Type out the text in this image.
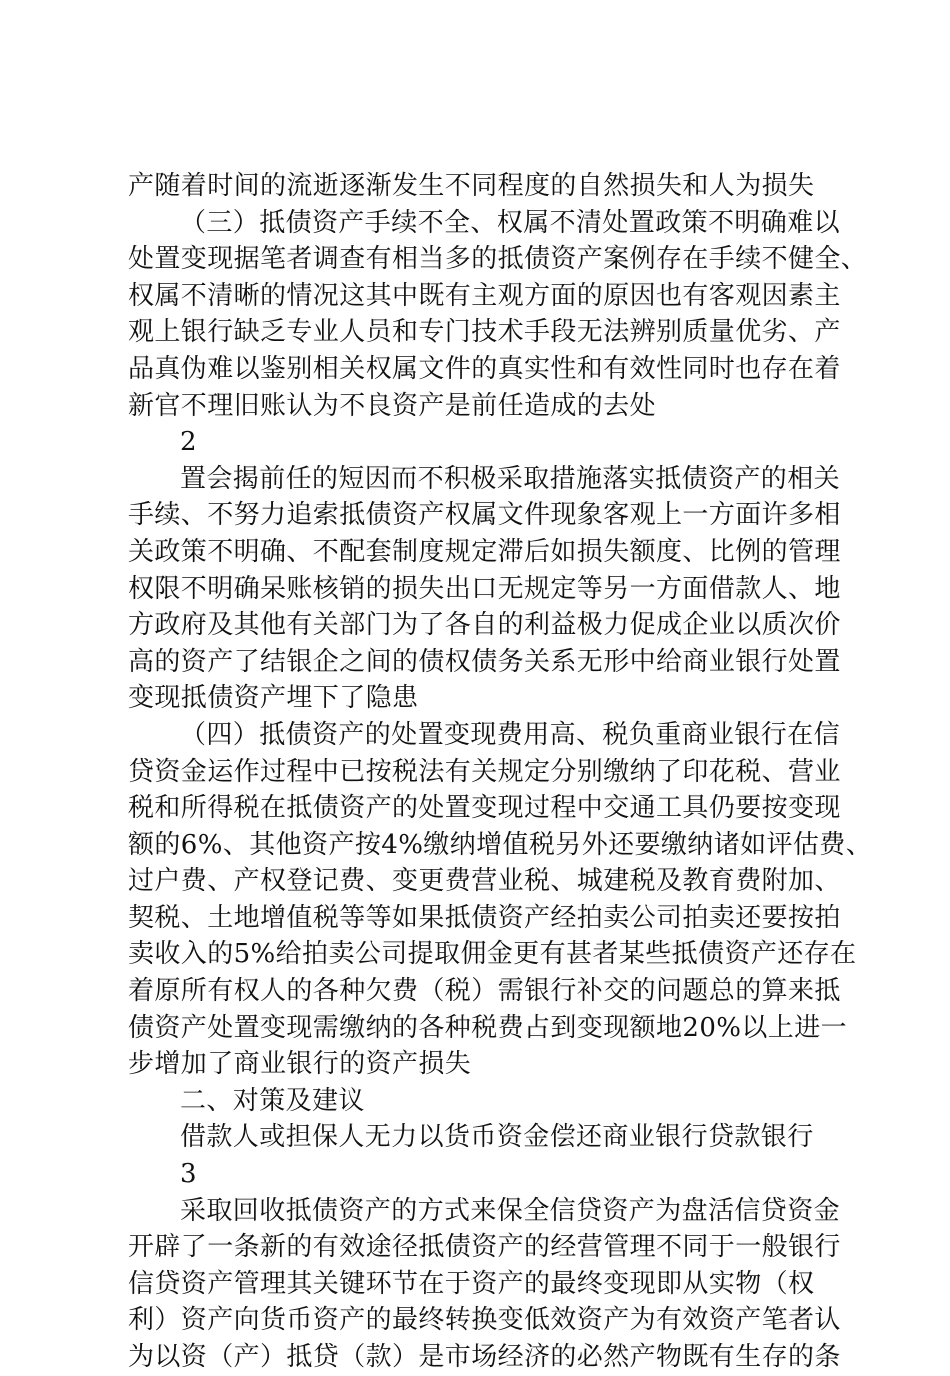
产随着时间的流逝逐渐发生不同程度的自然损失和人为损失
（三）抵债资产手续不全、权属不清处置政策不明确难以
处置变现据笔者调查有相当多的抵债资产案例存在手续不健全、
权属不清晰的情况这其中既有主观方面的原因也有客观因素主
观上银行缺乏专业人员和专门技术手段无法辨别质量优劣、产
品真伪难以鉴别相关权属文件的真实性和有效性同时也存在着
新官不理旧账认为不良资产是前任造成的去处
2
置会揭前任的短因而不积极采取措施落实抵债资产的相关
手续、不努力追索抵债资产权属文件现象客观上一方面许多相
关政策不明确、不配套制度规定滞后如损失额度、比例的管理
权限不明确呆账核销的损失出口无规定等另一方面借款人、地
方政府及其他有关部门为了各自的利益极力促成企业以质次价
高的资产了结银企之间的债权债务关系无形中给商业银行处置
变现抵债资产埋下了隐患
（四）抵债资产的处置变现费用高、税负重商业银行在信
贷资金运作过程中已按税法有关规定分别缴纳了印花税、营业
税和所得税在抵债资产的处置变现过程中交通工具仍要按变现
额的6%、其他资产按4%缴纳增值税另外还要缴纳诸如评估费、
过户费、产权登记费、变更费营业税、城建税及教育费附加、
契税、土地增值税等等如果抵债资产经拍卖公司拍卖还要按拍
卖收入的5%给拍卖公司提取佣金更有甚者某些抵债资产还存在
着原所有权人的各种欠费（税）需银行补交的问题总的算来抵
债资产处置变现需缴纳的各种税费占到变现额地20%以上进一
步增加了商业银行的资产损失
二、对策及建议
借款人或担保人无力以货币资金偿还商业银行贷款银行
3
采取回收抵债资产的方式来保全信贷资产为盘活信贷资金
开辟了一条新的有效途径抵债资产的经营管理不同于一般银行
信贷资产管理其关键环节在于资产的最终变现即从实物（权
利）资产向货币资产的最终转换变低效资产为有效资产笔者认
为以资（产）抵贷（款）是市场经济的必然产物既有生存的条
